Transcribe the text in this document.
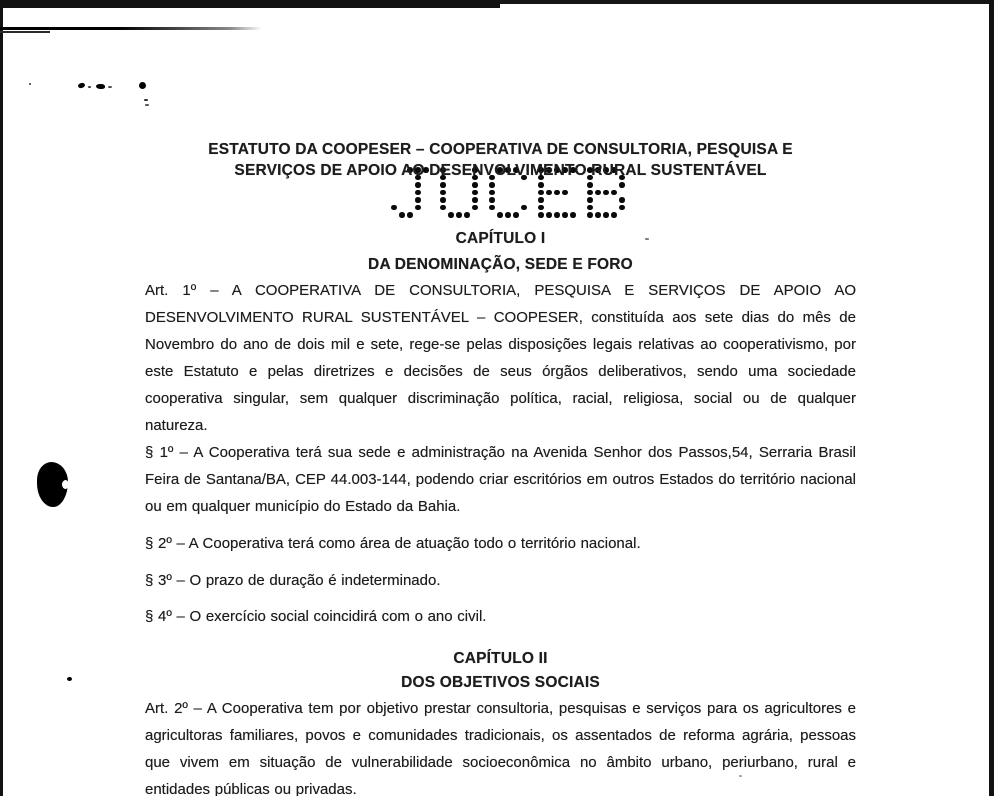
ESTATUTO DA COOPESER – COOPERATIVA DE CONSULTORIA, PESQUISA E
SERVIÇOS DE APOIO AO DESENVOLVIMENTO RURAL SUSTENTÁVEL
CAPÍTULO I
DA DENOMINAÇÃO, SEDE E FORO

Art. 1º – A COOPERATIVA DE CONSULTORIA, PESQUISA E SERVIÇOS DE APOIO AO DESENVOLVIMENTO RURAL SUSTENTÁVEL – COOPESER, constituída aos sete dias do mês de Novembro do ano de dois mil e sete, rege-se pelas disposições legais relativas ao cooperativismo, por este Estatuto e pelas diretrizes e decisões de seus órgãos deliberativos, sendo uma sociedade cooperativa singular, sem qualquer discriminação política, racial, religiosa, social ou de qualquer natureza.

§ 1º – A Cooperativa terá sua sede e administração na Avenida Senhor dos Passos,54, Serraria Brasil Feira de Santana/BA, CEP 44.003-144, podendo criar escritórios em outros Estados do território nacional ou em qualquer município do Estado da Bahia.

§ 2º – A Cooperativa terá como área de atuação todo o território nacional.

§ 3º – O prazo de duração é indeterminado.

§ 4º – O exercício social coincidirá com o ano civil.

CAPÍTULO II
DOS OBJETIVOS SOCIAIS

Art. 2º – A Cooperativa tem por objetivo prestar consultoria, pesquisas e serviços para os agricultores e agricultoras familiares, povos e comunidades tradicionais, os assentados de reforma agrária, pessoas que vivem em situação de vulnerabilidade socioeconômica no âmbito urbano, periurbano, rural e entidades públicas ou privadas.
